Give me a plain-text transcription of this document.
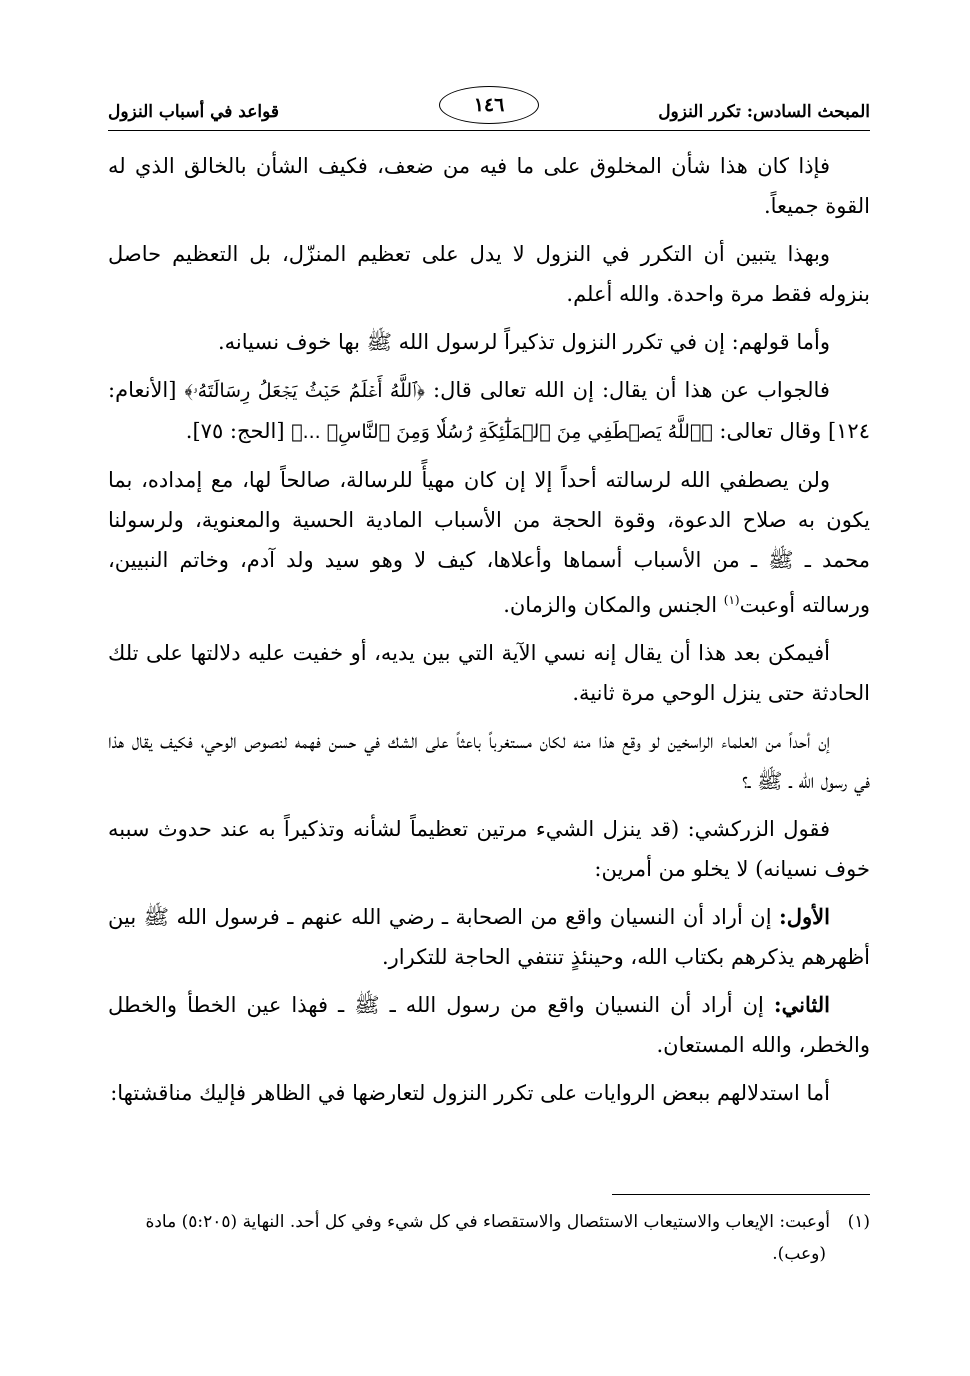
المبحث السادس: تكرر النزول
١٤٦
قواعد في أسباب النزول

فإذا كان هذا شأن المخلوق على ما فيه من ضعف، فكيف الشأن بالخالق الذي له القوة جميعاً.

وبهذا يتبين أن التكرر في النزول لا يدل على تعظيم المنزّل، بل التعظيم حاصل بنزوله فقط مرة واحدة. والله أعلم.

وأما قولهم: إن في تكرر النزول تذكيراً لرسول الله ﷺ بها خوف نسيانه.

فالجواب عن هذا أن يقال: إن الله تعالى قال: ﴿ٱللَّهُ أَعۡلَمُ حَيۡثُ يَجۡعَلُ رِسَالَتَهُۥ﴾ [الأنعام: ١٢٤] وقال تعالى: ﴿ٱللَّهُ يَصۡطَفِي مِنَ ٱلۡمَلَٰٓئِكَةِ رُسُلٗا وَمِنَ ٱلنَّاسِۚ ...﴾ [الحج: ٧٥].

ولن يصطفي الله لرسالته أحداً إلا إن كان مهيأً للرسالة، صالحاً لها، مع إمداده، بما يكون به صلاح الدعوة، وقوة الحجة من الأسباب المادية الحسية والمعنوية، ولرسولنا محمد ـ ﷺ ـ من الأسباب أسماها وأعلاها، كيف لا وهو سيد ولد آدم، وخاتم النبيين، ورسالته أوعبت$^{(١)}$ الجنس والمكان والزمان.

أفيمكن بعد هذا أن يقال إنه نسي الآية التي بين يديه، أو خفيت عليه دلالتها على تلك الحادثة حتى ينزل الوحي مرة ثانية.

إن أحداً من العلماء الراسخين لو وقع هذا منه لكان مستغرباً باعثاً على الشك في حسن فهمه لنصوص الوحي، فكيف يقال هذا في رسول الله ـ ﷺ ـ؟

فقول الزركشي: (قد ينزل الشيء مرتين تعظيماً لشأنه وتذكيراً به عند حدوث سببه خوف نسيانه) لا يخلو من أمرين:

الأول: إن أراد أن النسيان واقع من الصحابة ـ رضي الله عنهم ـ فرسول الله ﷺ بين أظهرهم يذكرهم بكتاب الله، وحينئذٍ تنتفي الحاجة للتكرار.

الثاني: إن أراد أن النسيان واقع من رسول الله ـ ﷺ ـ فهذا عين الخطأ والخطل والخطر، والله المستعان.

أما استدلالهم ببعض الروايات على تكرر النزول لتعارضها في الظاهر فإليك مناقشتها:

(١)أوعبت: الإيعاب والاستيعاب الاستئصال والاستقصاء في كل شيء وفي كل أحد. النهاية (٥:٢٠٥) مادة (وعب).
